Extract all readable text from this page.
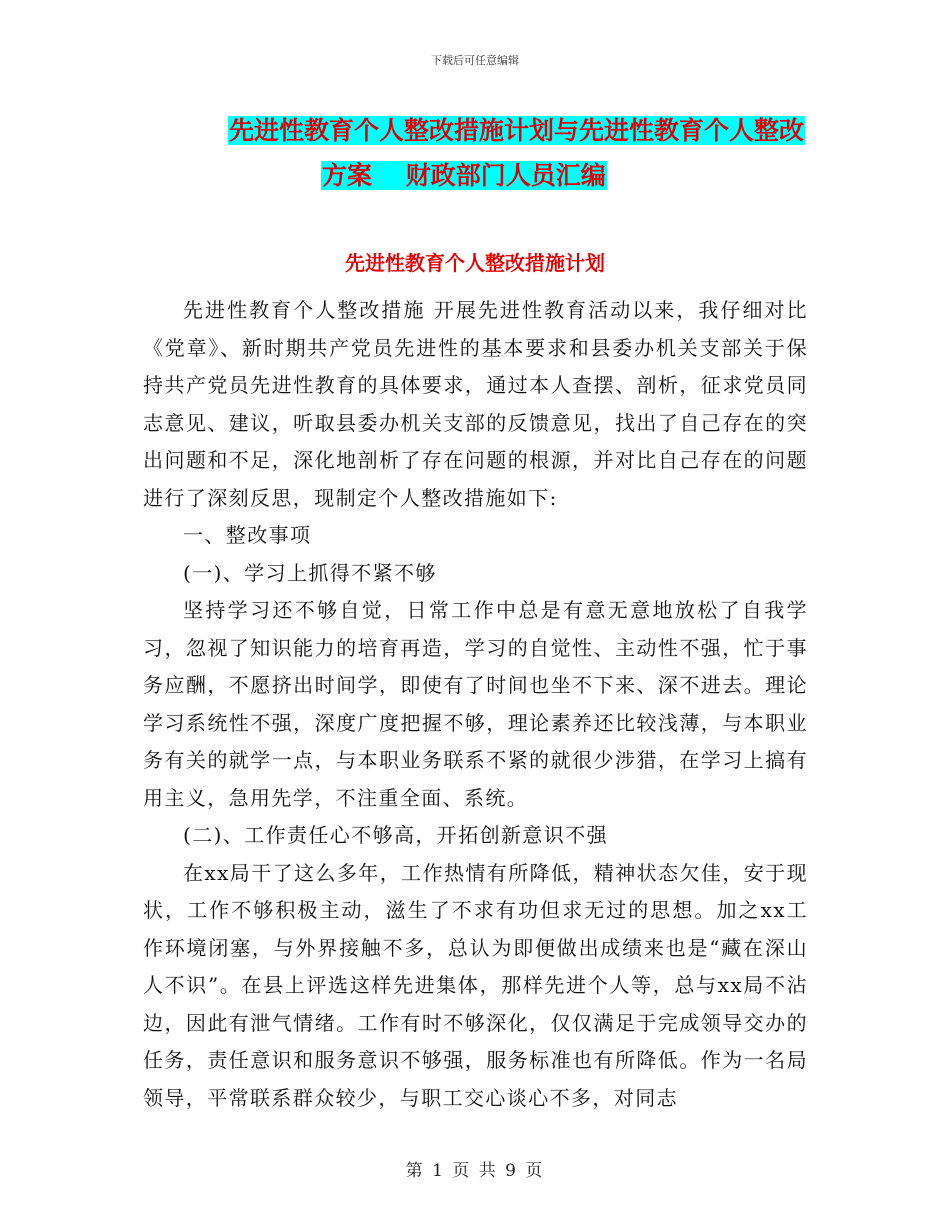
下载后可任意编辑
先进性教育个人整改措施计划与先进性教育个人整改
方案　 财政部门人员汇编
先进性教育个人整改措施计划

先进性教育个人整改措施 开展先进性教育活动以来，我仔细对比《党章》、新时期共产党员先进性的基本要求和县委办机关支部关于保持共产党员先进性教育的具体要求，通过本人查摆、剖析，征求党员同志意见、建议，听取县委办机关支部的反馈意见，找出了自己存在的突出问题和不足，深化地剖析了存在问题的根源，并对比自己存在的问题进行了深刻反思，现制定个人整改措施如下:

一、整改事项

(一)、学习上抓得不紧不够

坚持学习还不够自觉，日常工作中总是有意无意地放松了自我学习，忽视了知识能力的培育再造，学习的自觉性、主动性不强，忙于事务应酬，不愿挤出时间学，即使有了时间也坐不下来、深不进去。理论学习系统性不强，深度广度把握不够，理论素养还比较浅薄，与本职业务有关的就学一点，与本职业务联系不紧的就很少涉猎，在学习上搞有用主义，急用先学，不注重全面、系统。

(二)、工作责任心不够高，开拓创新意识不强

在xx局干了这么多年，工作热情有所降低，精神状态欠佳，安于现状，工作不够积极主动，滋生了不求有功但求无过的思想。加之xx工作环境闭塞，与外界接触不多，总认为即便做出成绩来也是“藏在深山人不识”。在县上评选这样先进集体，那样先进个人等，总与xx局不沾边，因此有泄气情绪。工作有时不够深化，仅仅满足于完成领导交办的任务，责任意识和服务意识不够强，服务标准也有所降低。作为一名局领导，平常联系群众较少，与职工交心谈心不多，对同志

第 1 页 共 9 页
